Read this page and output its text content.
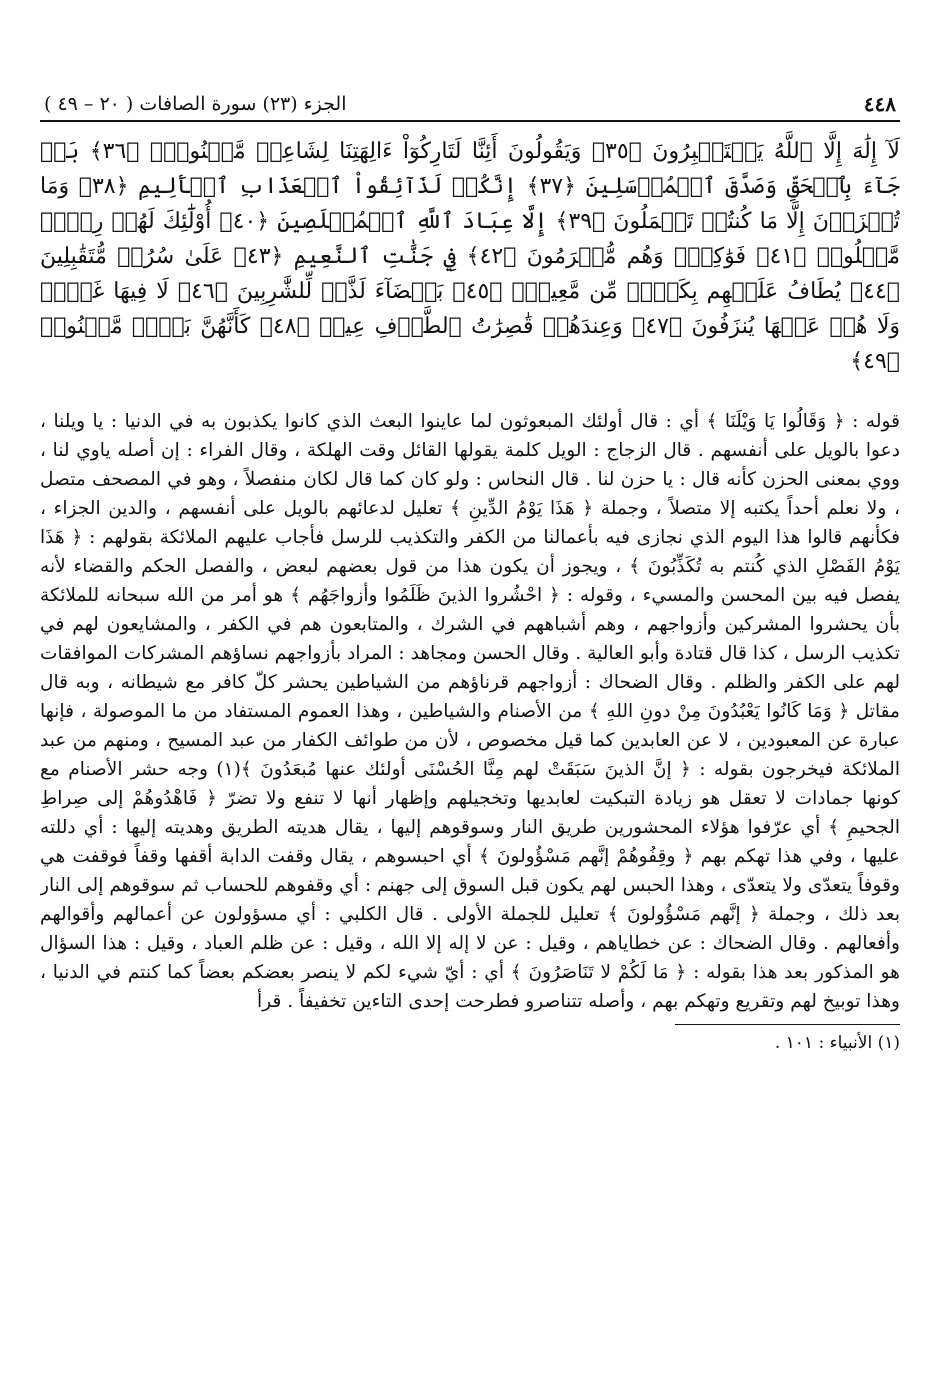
٤٤٨
الجزء (٢٣) سورة الصافات ( ٢٠ – ٤٩ )
لَآ إِلَٰهَ إِلَّا ٱللَّهُ يَسۡتَكۡبِرُونَ ﴿٣٥﴾ وَيَقُولُونَ أَئِنَّا لَتَارِكُوٓاْ ءَالِهَتِنَا لِشَاعِرٖ مَّجۡنُونِۭ ﴿٣٦﴾ بَلۡ جَآءَ بِٱلۡحَقِّ وَصَدَّقَ ٱلۡمُرۡسَلِينَ ﴿٣٧﴾ إِنَّكُمۡ لَذَآئِقُواْ ٱلۡعَذَابِ ٱلۡأَلِيمِ ﴿٣٨﴾ وَمَا تُجۡزَوۡنَ إِلَّا مَا كُنتُمۡ تَعۡمَلُونَ ﴿٣٩﴾ إِلَّا عِبَادَ ٱللَّهِ ٱلۡمُخۡلَصِينَ ﴿٤٠﴾ أُوْلَٰٓئِكَ لَهُمۡ رِزۡقٞ مَّعۡلُومٞ ﴿٤١﴾ فَوَٰكِهُۖ وَهُم مُّكۡرَمُونَ ﴿٤٢﴾ فِي جَنَّٰتِ ٱلنَّعِيمِ ﴿٤٣﴾ عَلَىٰ سُرُرٖ مُّتَقَٰبِلِينَ ﴿٤٤﴾ يُطَافُ عَلَيۡهِم بِكَأۡسٖ مِّن مَّعِينِۭ ﴿٤٥﴾ بَيۡضَآءَ لَذَّةٖ لِّلشَّٰرِبِينَ ﴿٤٦﴾ لَا فِيهَا غَوۡلٞ وَلَا هُمۡ عَنۡهَا يُنزَفُونَ ﴿٤٧﴾ وَعِندَهُمۡ قَٰصِرَٰتُ ٱلطَّرۡفِ عِينٞ ﴿٤٨﴾ كَأَنَّهُنَّ بَيۡضٞ مَّكۡنُونٞ ﴿٤٩﴾

قوله : ﴿ وَقَالُوا يَا وَيْلَنَا ﴾ أي : قال أولئك المبعوثون لما عاينوا البعث الذي كانوا يكذبون به في الدنيا : يا ويلنا ، دعوا بالويل على أنفسهم . قال الزجاج : الويل كلمة يقولها القائل وقت الهلكة ، وقال الفراء : إن أصله ياوي لنا ، ووي بمعنى الحزن كأنه قال : يا حزن لنا . قال النحاس : ولو كان كما قال لكان منفصلاً ، وهو في المصحف متصل ، ولا نعلم أحداً يكتبه إلا متصلاً ، وجملة ﴿ هَذَا يَوْمُ الدِّينِ ﴾ تعليل لدعائهم بالويل على أنفسهم ، والدين الجزاء ، فكأنهم قالوا هذا اليوم الذي نجازى فيه بأعمالنا من الكفر والتكذيب للرسل فأجاب عليهم الملائكة بقولهم : ﴿ هَذَا يَوْمُ الفَصْلِ الذي كُنتم به تُكَذِّبُونَ ﴾ ، ويجوز أن يكون هذا من قول بعضهم لبعض ، والفصل الحكم والقضاء لأنه يفصل فيه بين المحسن والمسيء ، وقوله : ﴿ احْشُروا الذينَ ظَلَمُوا وأزواجَهُم ﴾ هو أمر من الله سبحانه للملائكة بأن يحشروا المشركين وأزواجهم ، وهم أشباههم في الشرك ، والمتابعون هم في الكفر ، والمشايعون لهم في تكذيب الرسل ، كذا قال قتادة وأبو العالية . وقال الحسن ومجاهد : المراد بأزواجهم نساؤهم المشركات الموافقات لهم على الكفر والظلم . وقال الضحاك : أزواجهم قرناؤهم من الشياطين يحشر كلّ كافر مع شيطانه ، وبه قال مقاتل ﴿ وَمَا كَانُوا يَعْبُدُونَ مِنْ دونِ اللهِ ﴾ من الأصنام والشياطين ، وهذا العموم المستفاد من ما الموصولة ، فإنها عبارة عن المعبودين ، لا عن العابدين كما قيل مخصوص ، لأن من طوائف الكفار من عبد المسيح ، ومنهم من عبد الملائكة فيخرجون بقوله : ﴿ إنَّ الذينَ سَبَقَتْ لهم مِنَّا الحُسْنَى أولئك عنها مُبعَدُونَ ﴾(١) وجه حشر الأصنام مع كونها جمادات لا تعقل هو زيادة التبكيت لعابديها وتخجيلهم وإظهار أنها لا تنفع ولا تضرّ ﴿ فَاهْدُوهُمْ إلى صِراطِ الجحيمِ ﴾ أي عرّفوا هؤلاء المحشورين طريق النار وسوقوهم إليها ، يقال هديته الطريق وهديته إليها : أي دللته عليها ، وفي هذا تهكم بهم ﴿ وقِفُوهُمْ إنَّهم مَسْؤُولونَ ﴾ أي احبسوهم ، يقال وقفت الدابة أقفها وقفاً فوقفت هي وقوفاً يتعدّى ولا يتعدّى ، وهذا الحبس لهم يكون قبل السوق إلى جهنم : أي وقفوهم للحساب ثم سوقوهم إلى النار بعد ذلك ، وجملة ﴿ إنَّهم مَسْؤُولونَ ﴾ تعليل للجملة الأولى . قال الكلبي : أي مسؤولون عن أعمالهم وأقوالهم وأفعالهم . وقال الضحاك : عن خطاياهم ، وقيل : عن لا إله إلا الله ، وقيل : عن ظلم العباد ، وقيل : هذا السؤال هو المذكور بعد هذا بقوله : ﴿ مَا لَكُمْ لا تَنَاصَرُونَ ﴾ أي : أيّ شيء لكم لا ينصر بعضكم بعضاً كما كنتم في الدنيا ، وهذا توبيخ لهم وتقريع وتهكم بهم ، وأصله تتناصرو فطرحت إحدى التاءين تخفيفاً . قرأ

(١) الأنبياء : ١٠١ .
